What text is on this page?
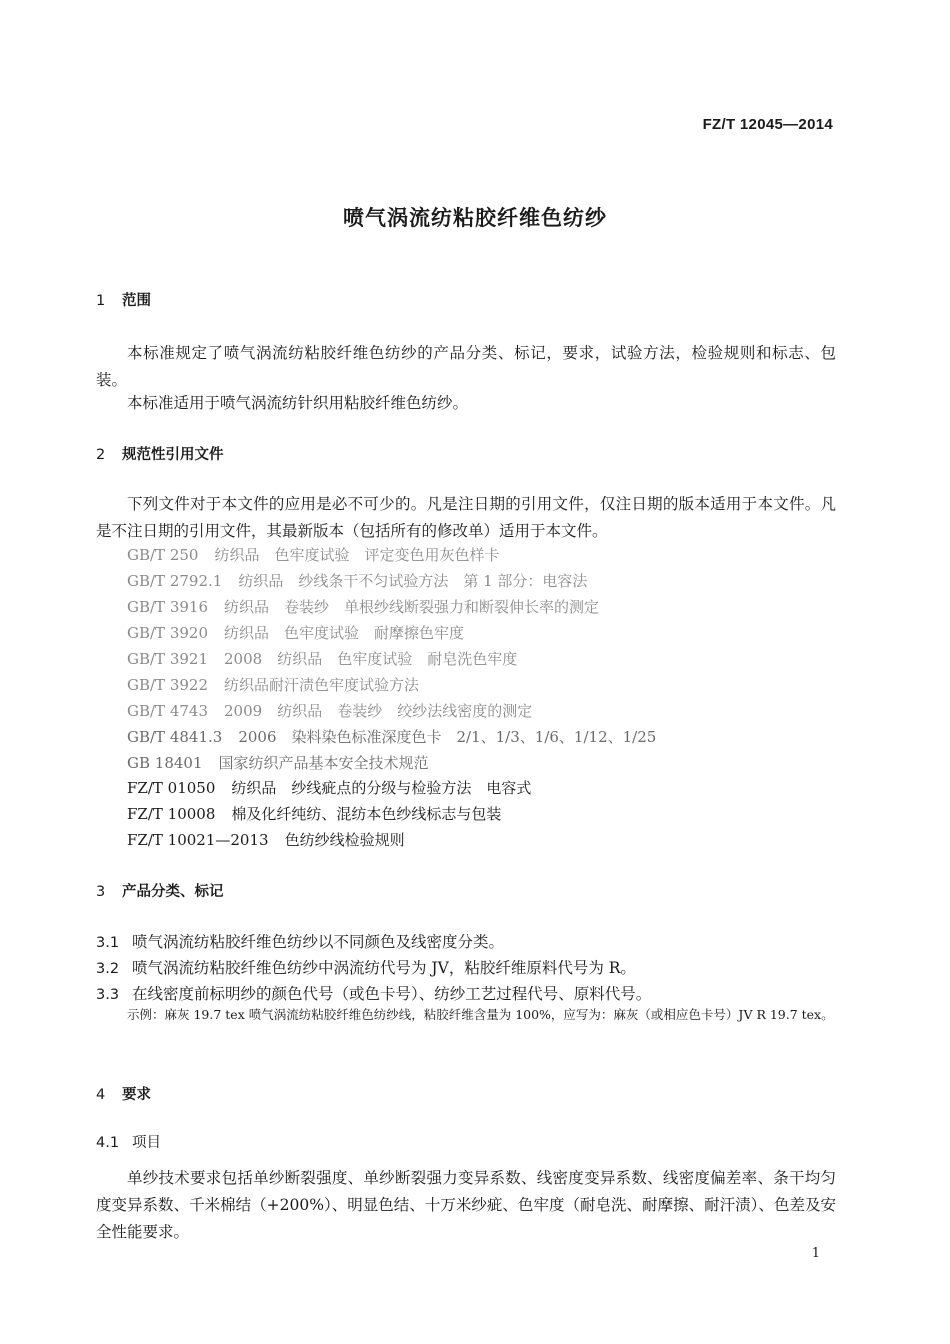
FZ/T 12045—2014
喷气涡流纺粘胶纤维色纺纱
1 范围
本标准规定了喷气涡流纺粘胶纤维色纺纱的产品分类、标记，要求，试验方法，检验规则和标志、包装。
本标准适用于喷气涡流纺针织用粘胶纤维色纺纱。
2 规范性引用文件
下列文件对于本文件的应用是必不可少的。凡是注日期的引用文件，仅注日期的版本适用于本文件。凡是不注日期的引用文件，其最新版本（包括所有的修改单）适用于本文件。
GB/T 250 纺织品　色牢度试验　评定变色用灰色样卡
GB/T 2792.1 纺织品　纱线条干不匀试验方法　第 1 部分：电容法
GB/T 3916 纺织品　卷装纱　单根纱线断裂强力和断裂伸长率的测定
GB/T 3920 纺织品　色牢度试验　耐摩擦色牢度
GB/T 3921 2008　纺织品　色牢度试验　耐皂洗色牢度
GB/T 3922 纺织品耐汗渍色牢度试验方法
GB/T 4743 2009　纺织品　卷装纱　绞纱法线密度的测定
GB/T 4841.3 2006　染料染色标准深度色卡　2/1、1/3、1/6、1/12、1/25
GB 18401 国家纺织产品基本安全技术规范
FZ/T 01050 纺织品　纱线疵点的分级与检验方法　电容式
FZ/T 10008 棉及化纤纯纺、混纺本色纱线标志与包装
FZ/T 10021—2013 色纺纱线检验规则
3 产品分类、标记
3.1 喷气涡流纺粘胶纤维色纺纱以不同颜色及线密度分类。
3.2 喷气涡流纺粘胶纤维色纺纱中涡流纺代号为 JV，粘胶纤维原料代号为 R。
3.3 在线密度前标明纱的颜色代号（或色卡号）、纺纱工艺过程代号、原料代号。
示例：麻灰 19.7 tex 喷气涡流纺粘胶纤维色纺纱线，粘胶纤维含量为 100%，应写为：麻灰（或相应色卡号）JV R 19.7 tex。
4 要求
4.1 项目
单纱技术要求包括单纱断裂强度、单纱断裂强力变异系数、线密度变异系数、线密度偏差率、条干均匀度变异系数、千米棉结（+200%）、明显色结、十万米纱疵、色牢度（耐皂洗、耐摩擦、耐汗渍）、色差及安全性能要求。
1
